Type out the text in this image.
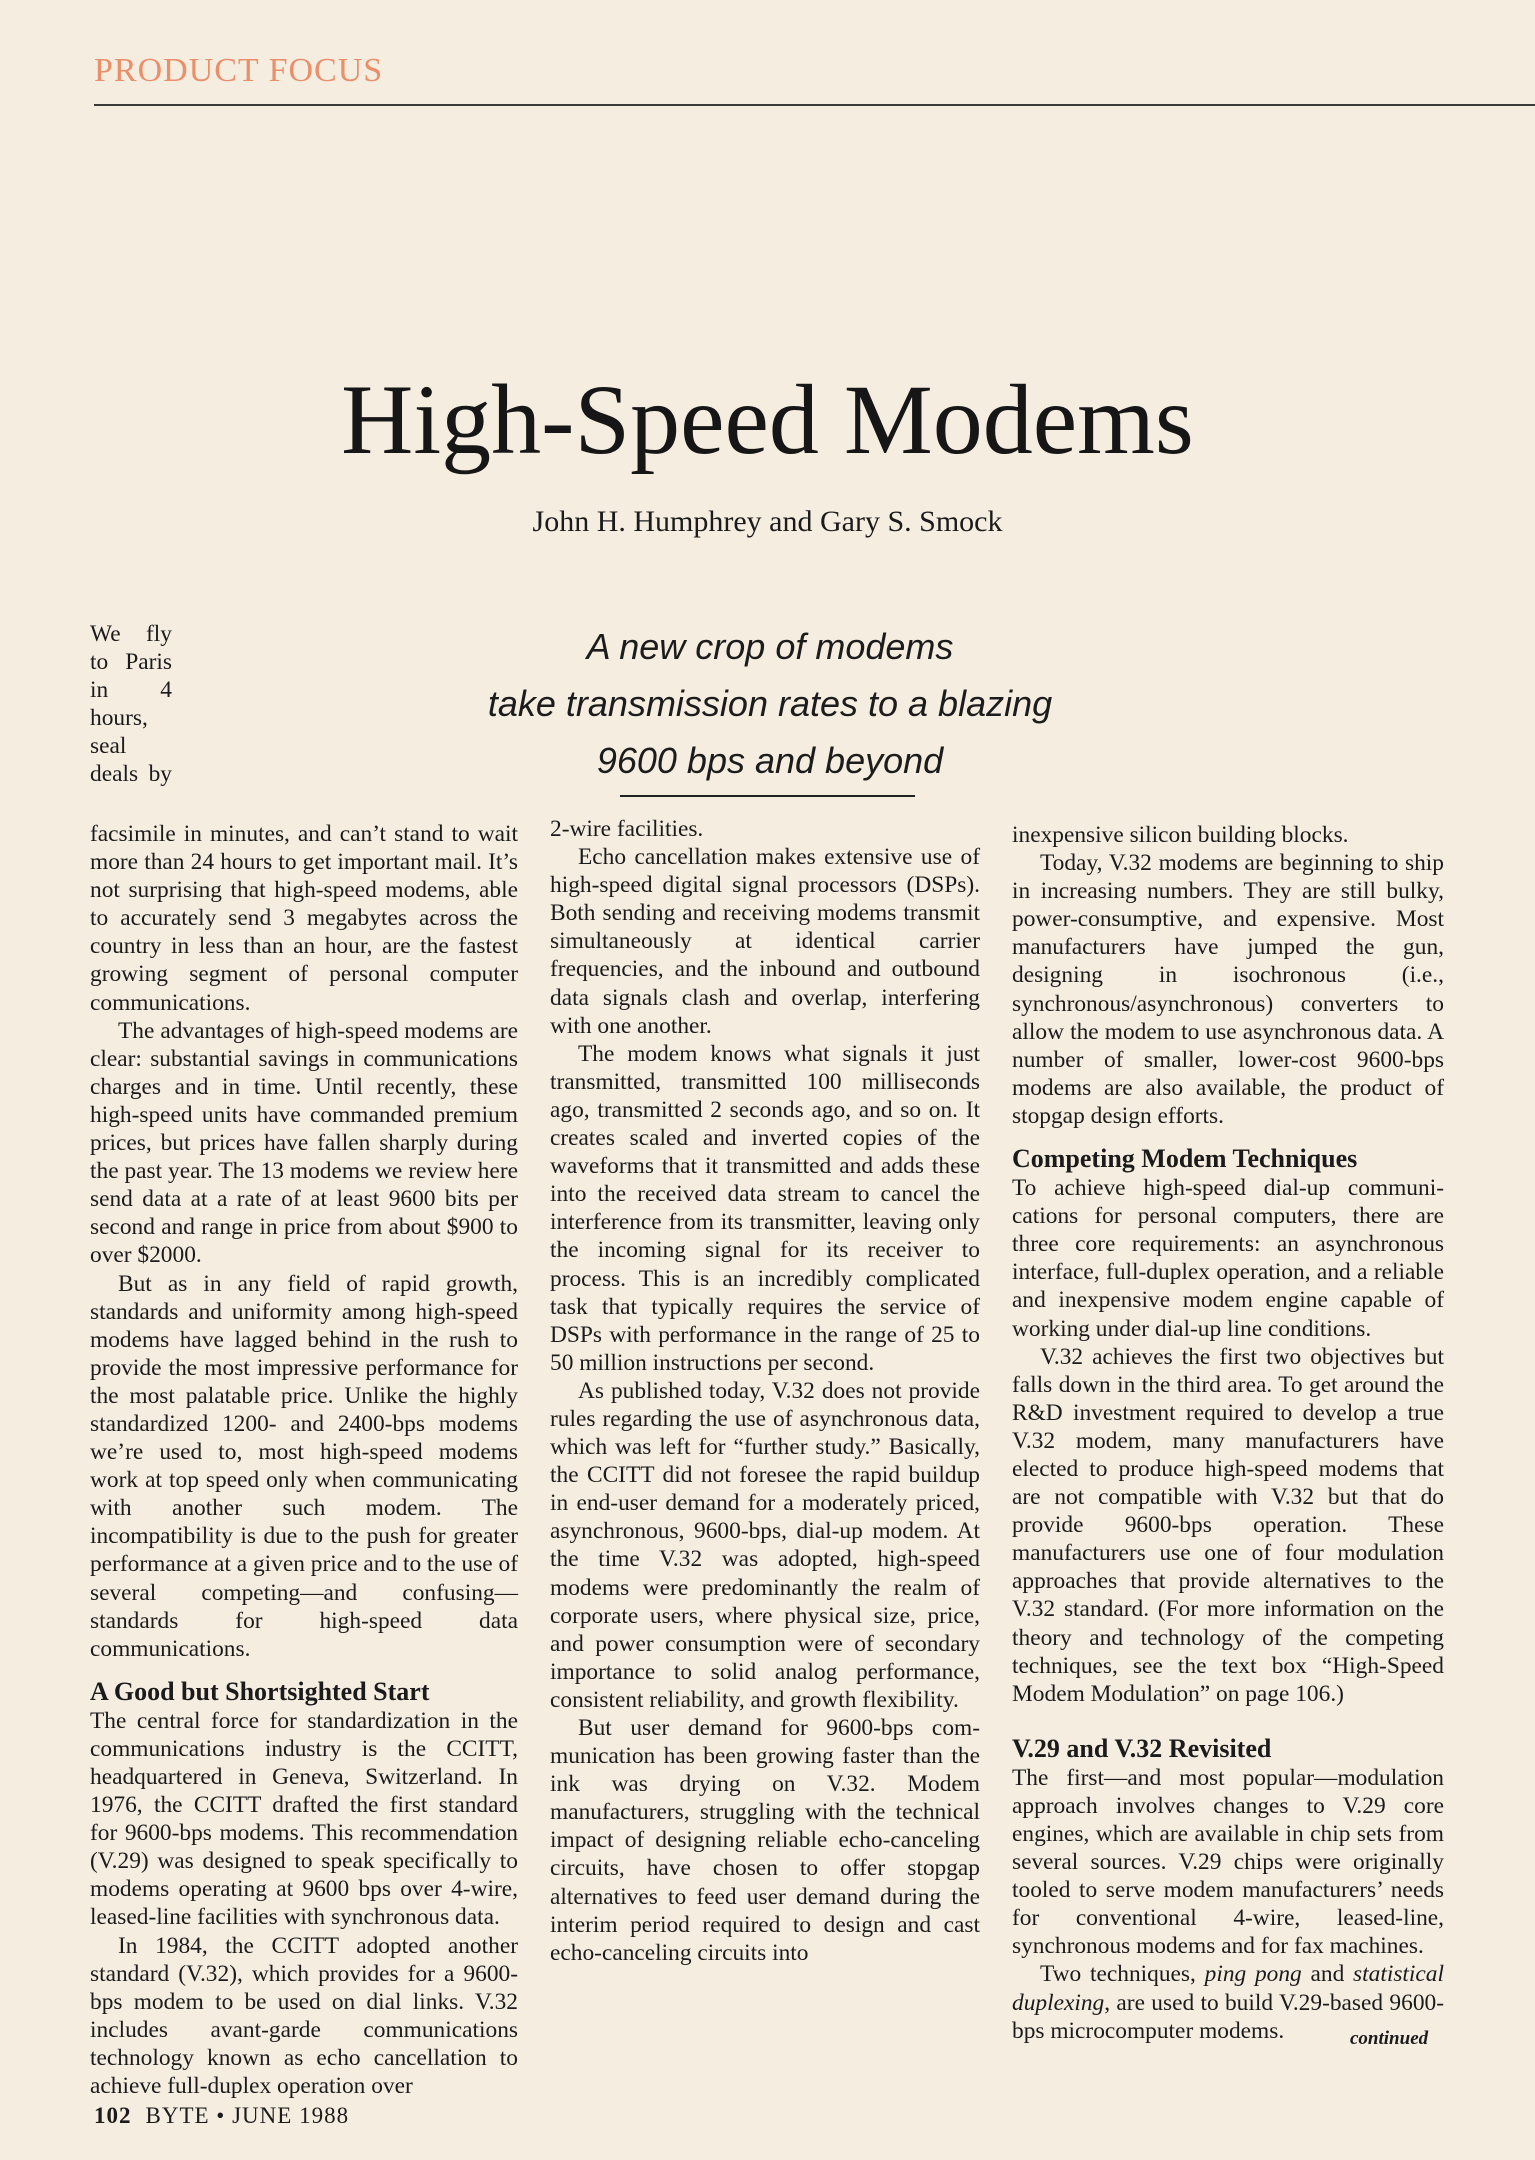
PRODUCT FOCUS
High-Speed Modems
John H. Humphrey and Gary S. Smock
A new crop of modems
take transmission rates to a blazing
9600 bps and beyond

We fly to Paris in 4 hours, seal deals by facsimile in minutes, and can’t stand to wait more than 24 hours to get important mail. It’s not surprising that high-speed modems, able to accurately send 3 megabytes across the country in less than an hour, are the fastest growing segment of personal computer communications.

The advantages of high-speed modems are clear: substantial savings in communications charges and in time. Until recently, these high-speed units have commanded premium prices, but prices have fallen sharply during the past year. The 13 modems we review here send data at a rate of at least 9600 bits per second and range in price from about $900 to over $2000.

But as in any field of rapid growth, standards and uniformity among high-speed modems have lagged behind in the rush to provide the most impressive performance for the most palatable price. Unlike the highly standardized 1200- and 2400-bps modems we’re used to, most high-speed modems work at top speed only when communicating with another such modem. The incompatibility is due to the push for greater performance at a given price and to the use of several competing—and confusing—standards for high-speed data communications.

A Good but Shortsighted Start

The central force for standardization in the communications industry is the CCITT, headquartered in Geneva, Switzerland. In 1976, the CCITT drafted the first standard for 9600-bps modems. This recommendation (V.29) was designed to speak specifically to modems operating at 9600 bps over 4-wire, leased-line facilities with synchronous data.

In 1984, the CCITT adopted another standard (V.32), which provides for a 9600-bps modem to be used on dial links. V.32 includes avant-garde communications technology known as echo cancellation to achieve full-duplex operation over

2-wire facilities.

Echo cancellation makes extensive use of high-speed digital signal processors (DSPs). Both sending and receiving modems transmit simultaneously at identical carrier frequencies, and the inbound and outbound data signals clash and overlap, interfering with one another.

The modem knows what signals it just transmitted, transmitted 100 milliseconds ago, transmitted 2 seconds ago, and so on. It creates scaled and inverted copies of the waveforms that it transmitted and adds these into the received data stream to cancel the interference from its transmitter, leaving only the incoming signal for its receiver to process. This is an incredibly complicated task that typically requires the service of DSPs with performance in the range of 25 to 50 million instructions per second.

As published today, V.32 does not provide rules regarding the use of asynchronous data, which was left for “further study.” Basically, the CCITT did not foresee the rapid buildup in end-user demand for a moderately priced, asynchronous, 9600-bps, dial-up modem. At the time V.32 was adopted, high-speed modems were predominantly the realm of corporate users, where physical size, price, and power consumption were of secondary importance to solid analog performance, consistent reliability, and growth flexibility.

But user demand for 9600-bps communication has been growing faster than the ink was drying on V.32. Modem manufacturers, struggling with the technical impact of designing reliable echo-canceling circuits, have chosen to offer stopgap alternatives to feed user demand during the interim period required to design and cast echo-canceling circuits into

inexpensive silicon building blocks.

Today, V.32 modems are beginning to ship in increasing numbers. They are still bulky, power-consumptive, and expensive. Most manufacturers have jumped the gun, designing in isochronous (i.e., synchronous/asynchronous) converters to allow the modem to use asynchronous data. A number of smaller, lower-cost 9600-bps modems are also available, the product of stopgap design efforts.

Competing Modem Techniques

To achieve high-speed dial-up communications for personal computers, there are three core requirements: an asynchronous interface, full-duplex operation, and a reliable and inexpensive modem engine capable of working under dial-up line conditions.

V.32 achieves the first two objectives but falls down in the third area. To get around the R&D investment required to develop a true V.32 modem, many manufacturers have elected to produce high-speed modems that are not compatible with V.32 but that do provide 9600-bps operation. These manufacturers use one of four modulation approaches that provide alternatives to the V.32 standard. (For more information on the theory and technology of the competing techniques, see the text box “High-Speed Modem Modulation” on page 106.)

V.29 and V.32 Revisited

The first—and most popular—modulation approach involves changes to V.29 core engines, which are available in chip sets from several sources. V.29 chips were originally tooled to serve modem manufacturers’ needs for conventional 4-wire, leased-line, synchronous modems and for fax machines.

Two techniques, ping pong and statistical duplexing, are used to build V.29-based 9600-bps microcomputer modems.	continued
102 BYTE • JUNE 1988
